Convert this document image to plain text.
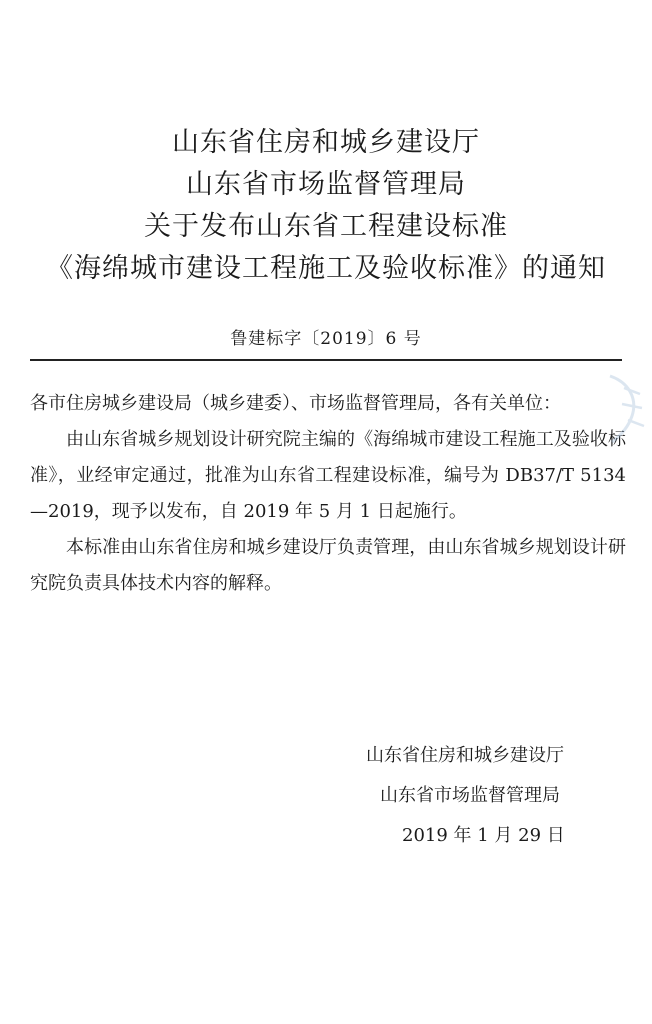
山东省住房和城乡建设厅
山东省市场监督管理局
关于发布山东省工程建设标准
《海绵城市建设工程施工及验收标准》的通知
鲁建标字〔2019〕6 号

各市住房城乡建设局（城乡建委）、市场监督管理局，各有关单位：

由山东省城乡规划设计研究院主编的《海绵城市建设工程施工及验收标准》，业经审定通过，批准为山东省工程建设标准，编号为 DB37/T 5134—2019，现予以发布，自 2019 年 5 月 1 日起施行。

本标准由山东省住房和城乡建设厅负责管理，由山东省城乡规划设计研究院负责具体技术内容的解释。

山东省住房和城乡建设厅
山东省市场监督管理局
2019 年 1 月 29 日
